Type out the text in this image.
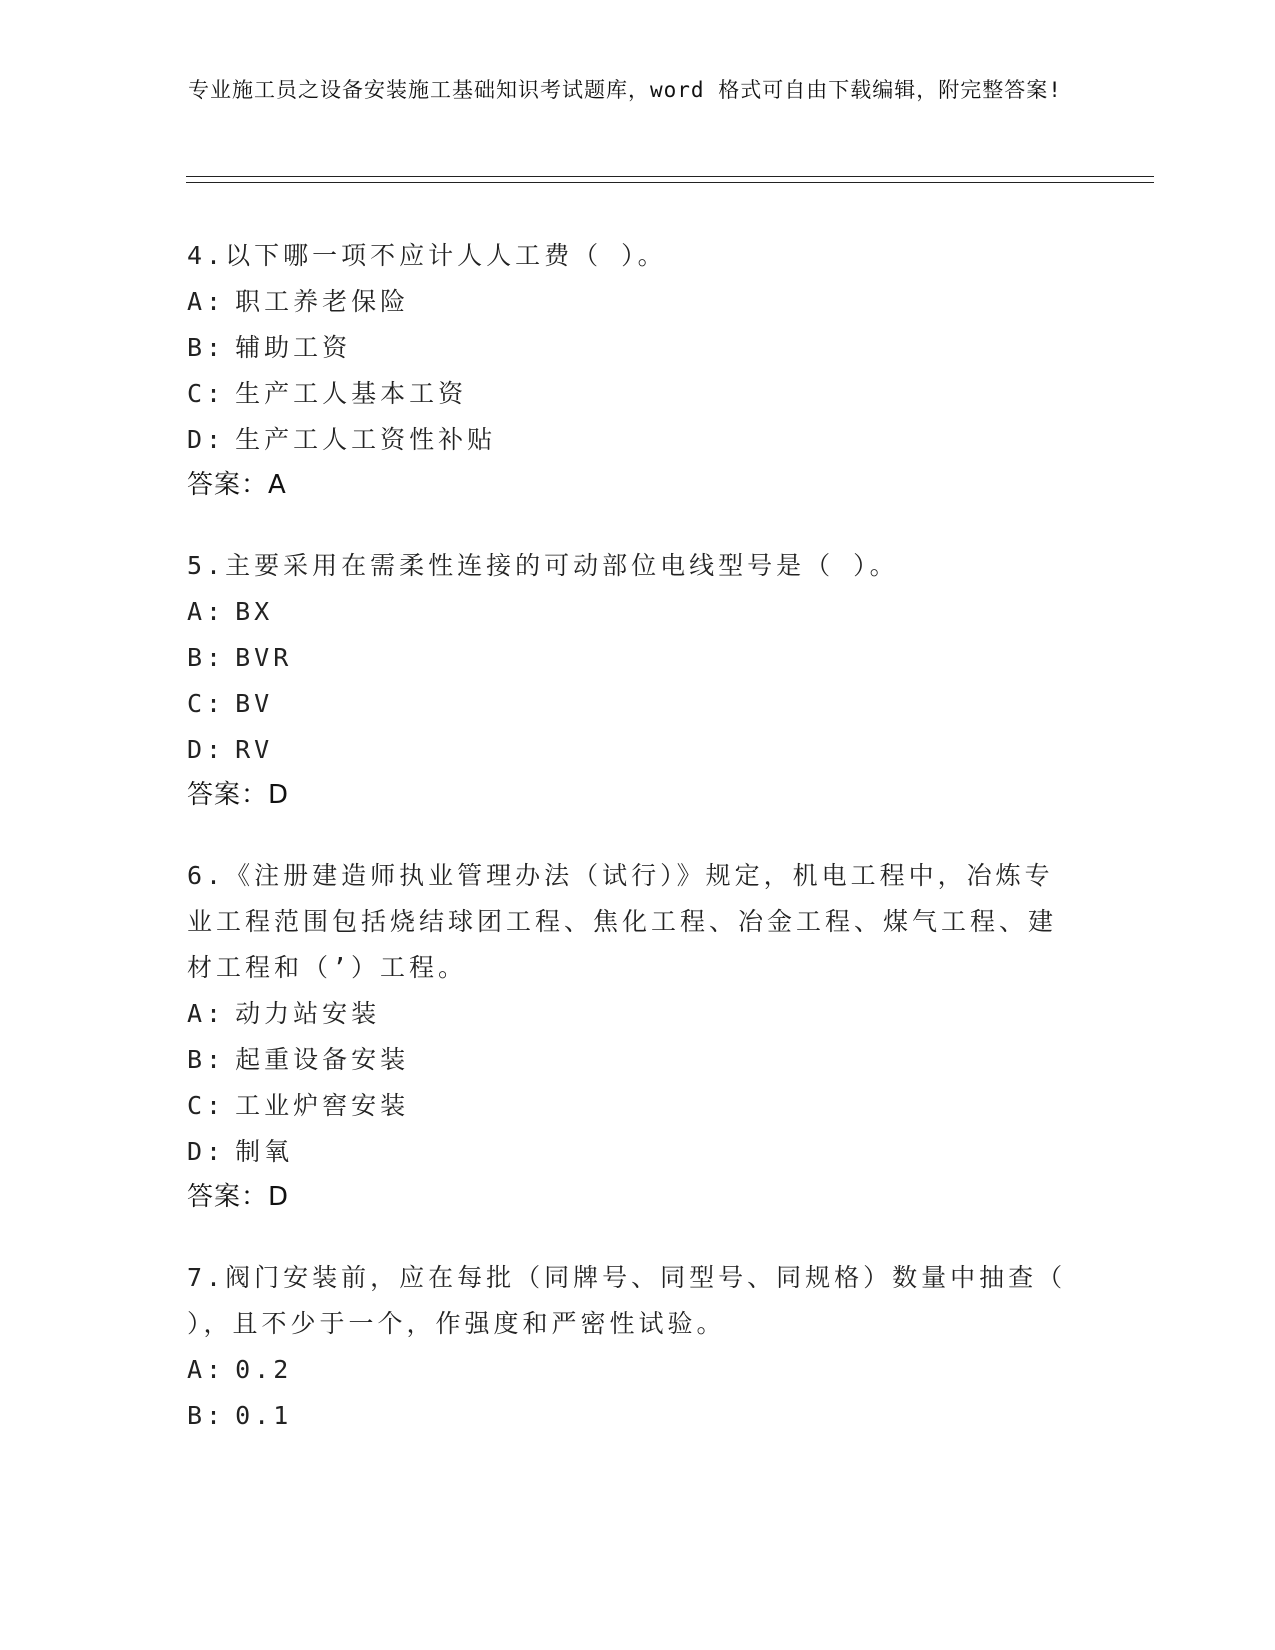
专业施工员之设备安装施工基础知识考试题库，word 格式可自由下载编辑，附完整答案!
4.以下哪一项不应计人人工费（ ）。
A: 职工养老保险
B: 辅助工资
C: 生产工人基本工资
D: 生产工人工资性补贴
答案：A
5.主要采用在需柔性连接的可动部位电线型号是（ ）。
A: BX
B: BVR
C: BV
D: RV
答案：D
6.《注册建造师执业管理办法（试行）》规定，机电工程中，冶炼专业工程范围包括烧结球团工程、焦化工程、冶金工程、煤气工程、建材工程和（’）工程。
A: 动力站安装
B: 起重设备安装
C: 工业炉窖安装
D: 制氧
答案：D
7.阀门安装前，应在每批（同牌号、同型号、同规格）数量中抽查（ ），且不少于一个，作强度和严密性试验。
A: 0.2
B: 0.1
